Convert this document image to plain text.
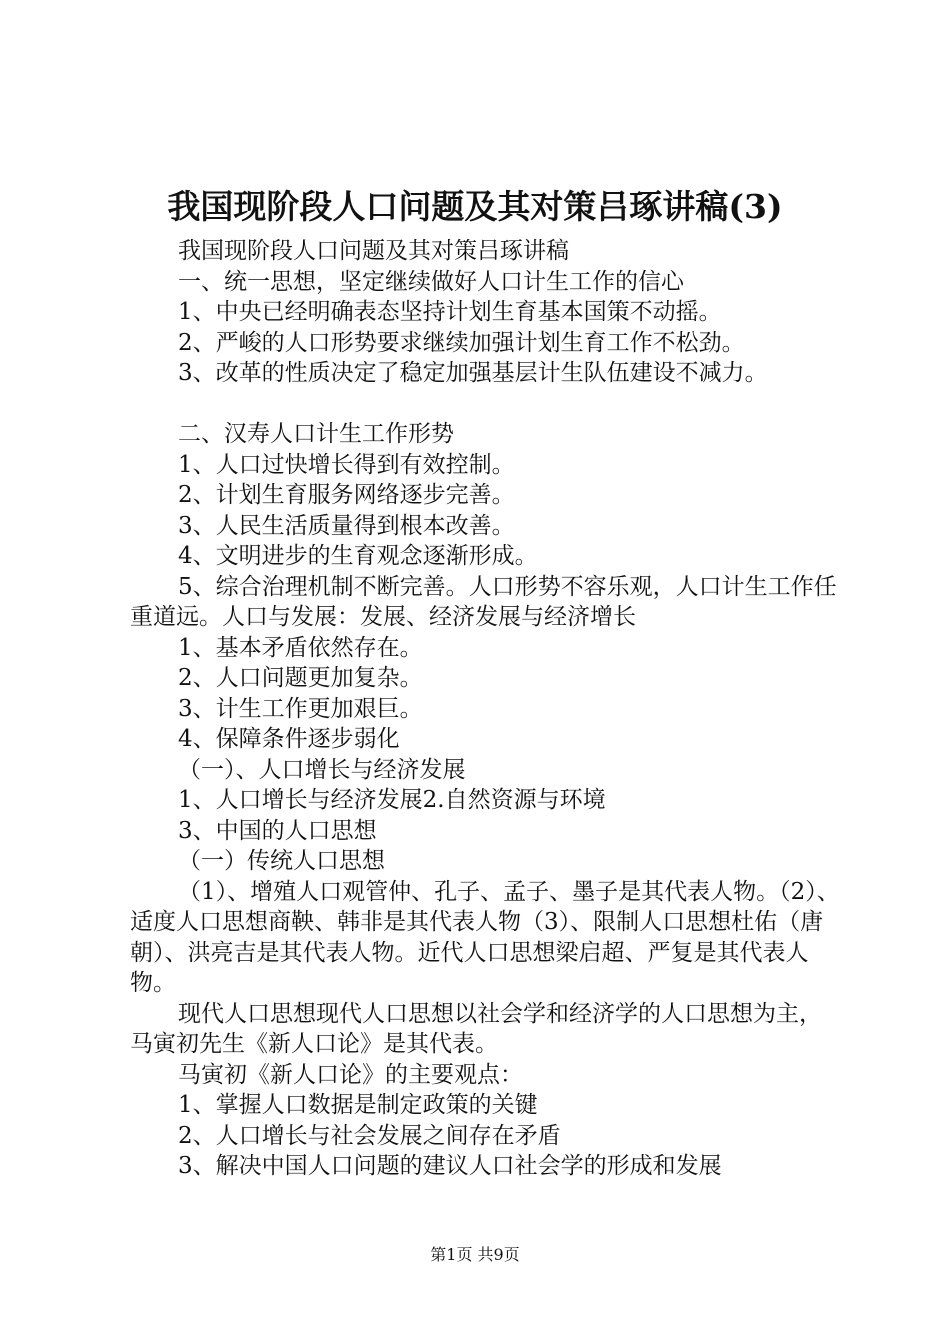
我国现阶段人口问题及其对策吕琢讲稿(3)

我国现阶段人口问题及其对策吕琢讲稿

一、统一思想，坚定继续做好人口计生工作的信心

1、中央已经明确表态坚持计划生育基本国策不动摇。

2、严峻的人口形势要求继续加强计划生育工作不松劲。

3、改革的性质决定了稳定加强基层计生队伍建设不减力。

二、汉寿人口计生工作形势

1、人口过快增长得到有效控制。

2、计划生育服务网络逐步完善。

3、人民生活质量得到根本改善。

4、文明进步的生育观念逐渐形成。

5、综合治理机制不断完善。人口形势不容乐观，人口计生工作任重道远。人口与发展：发展、经济发展与经济增长

1、基本矛盾依然存在。

2、人口问题更加复杂。

3、计生工作更加艰巨。

4、保障条件逐步弱化

（一）、人口增长与经济发展

1、人口增长与经济发展2.自然资源与环境

3、中国的人口思想

（一）传统人口思想

（1）、增殖人口观管仲、孔子、孟子、墨子是其代表人物。（2）、适度人口思想商鞅、韩非是其代表人物（3）、限制人口思想杜佑（唐朝）、洪亮吉是其代表人物。近代人口思想梁启超、严复是其代表人物。

现代人口思想现代人口思想以社会学和经济学的人口思想为主，马寅初先生《新人口论》是其代表。

马寅初《新人口论》的主要观点：

1、掌握人口数据是制定政策的关键

2、人口增长与社会发展之间存在矛盾

3、解决中国人口问题的建议人口社会学的形成和发展

第1页 共9页
